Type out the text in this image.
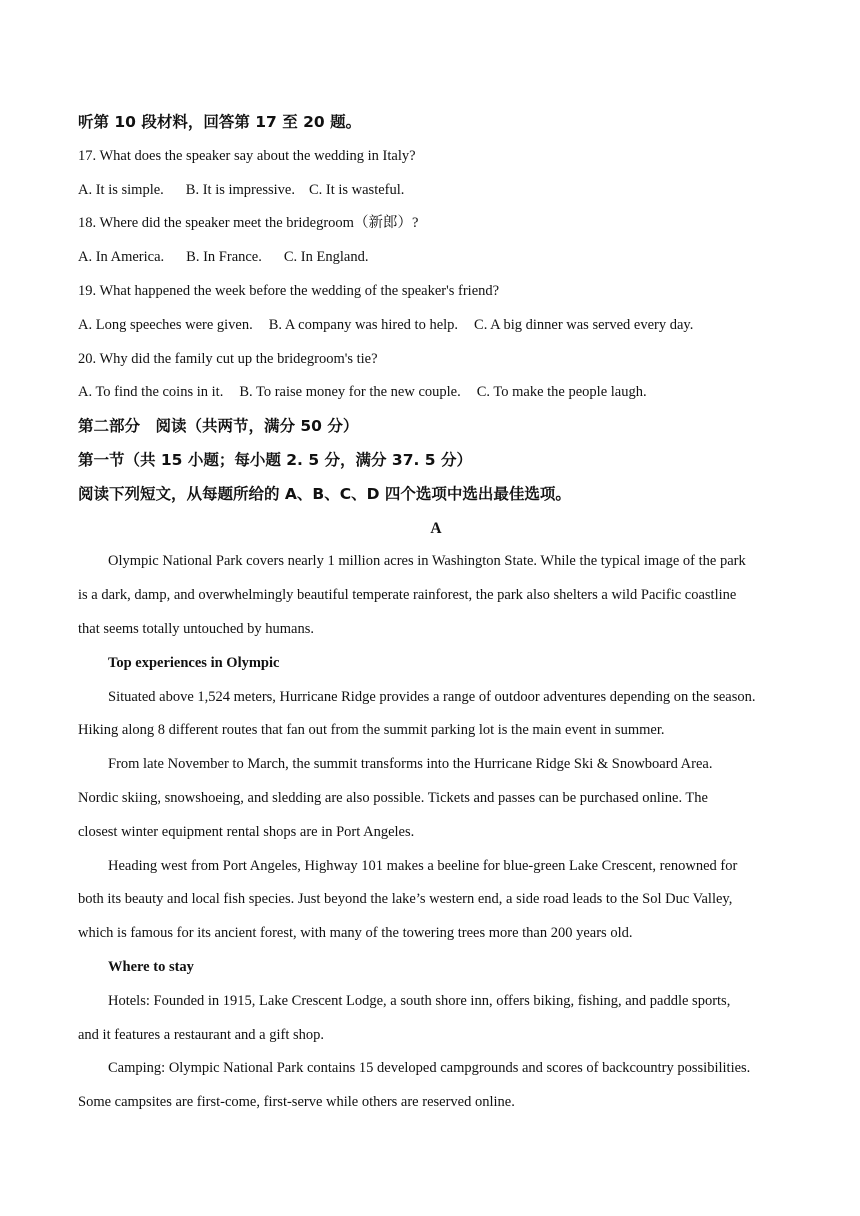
听第 10 段材料，回答第 17 至 20 题。
17. What does the speaker say about the wedding in Italy?
A. It is simple. B. It is impressive. C. It is wasteful.
18. Where did the speaker meet the bridegroom（新郎）?
A. In America. B. In France. C. In England.
19. What happened the week before the wedding of the speaker's friend?
A. Long speeches were given. B. A company was hired to help. C. A big dinner was served every day.
20. Why did the family cut up the bridegroom's tie?
A. To find the coins in it. B. To raise money for the new couple. C. To make the people laugh.
第二部分　阅读（共两节，满分 50 分）
第一节（共 15 小题；每小题 2. 5 分，满分 37. 5 分）
阅读下列短文，从每题所给的 A、B、C、D 四个选项中选出最佳选项。
A
Olympic National Park covers nearly 1 million acres in Washington State. While the typical image of the park
is a dark, damp, and overwhelmingly beautiful temperate rainforest, the park also shelters a wild Pacific coastline
that seems totally untouched by humans.
Top experiences in Olympic
Situated above 1,524 meters, Hurricane Ridge provides a range of outdoor adventures depending on the season.
Hiking along 8 different routes that fan out from the summit parking lot is the main event in summer.
From late November to March, the summit transforms into the Hurricane Ridge Ski & Snowboard Area.
Nordic skiing, snowshoeing, and sledding are also possible. Tickets and passes can be purchased online. The
closest winter equipment rental shops are in Port Angeles.
Heading west from Port Angeles, Highway 101 makes a beeline for blue-green Lake Crescent, renowned for
both its beauty and local fish species. Just beyond the lake’s western end, a side road leads to the Sol Duc Valley,
which is famous for its ancient forest, with many of the towering trees more than 200 years old.
Where to stay
Hotels: Founded in 1915, Lake Crescent Lodge, a south shore inn, offers biking, fishing, and paddle sports,
and it features a restaurant and a gift shop.
Camping: Olympic National Park contains 15 developed campgrounds and scores of backcountry possibilities.
Some campsites are first-come, first-serve while others are reserved online.
